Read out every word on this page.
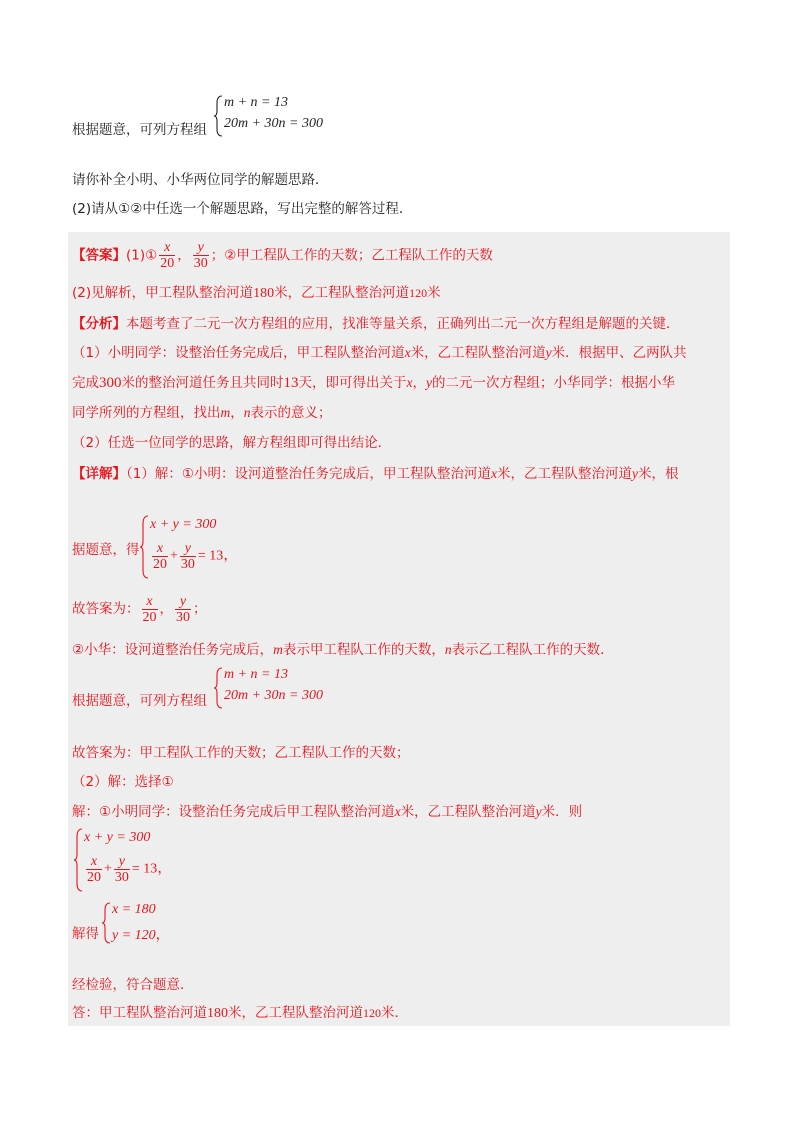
m + n = 13
20m + 30n = 300
根据题意，可列方程组
请你补全小明、小华两位同学的解题思路．
(2)请从①②中任选一个解题思路，写出完整的解答过程．
【答案】(1)① $\frac{x}{20}$ ， $\frac{y}{30}$ ；②甲工程队工作的天数；乙工程队工作的天数
(2)见解析，甲工程队整治河道180米，乙工程队整治河道120米
【分析】本题考查了二元一次方程组的应用，找准等量关系，正确列出二元一次方程组是解题的关键．
（1）小明同学：设整治任务完成后，甲工程队整治河道x米，乙工程队整治河道y米．根据甲、乙两队共
完成300米的整治河道任务且共同时13天，即可得出关于x，y的二元一次方程组；小华同学：根据小华
同学所列的方程组，找出m，n表示的意义；
（2）任选一位同学的思路，解方程组即可得出结论．
【详解】（1）解：①小明：设河道整治任务完成后，甲工程队整治河道x米，乙工程队整治河道y米，根
据题意，得
x + y = 300
$\frac{x}{20} + \frac{y}{30} = 13$，
故答案为： $\frac{x}{20}$ ， $\frac{y}{30}$ ；
②小华：设河道整治任务完成后，m表示甲工程队工作的天数，n表示乙工程队工作的天数．
根据题意，可列方程组
m + n = 13
20m + 30n = 300
故答案为：甲工程队工作的天数；乙工程队工作的天数；
（2）解：选择①
解：①小明同学：设整治任务完成后甲工程队整治河道x米，乙工程队整治河道y米．则
x + y = 300
$\frac{x}{20} + \frac{y}{30} = 13$，
解得
x = 180
y = 120，
经检验，符合题意．
答：甲工程队整治河道180米，乙工程队整治河道120米．
